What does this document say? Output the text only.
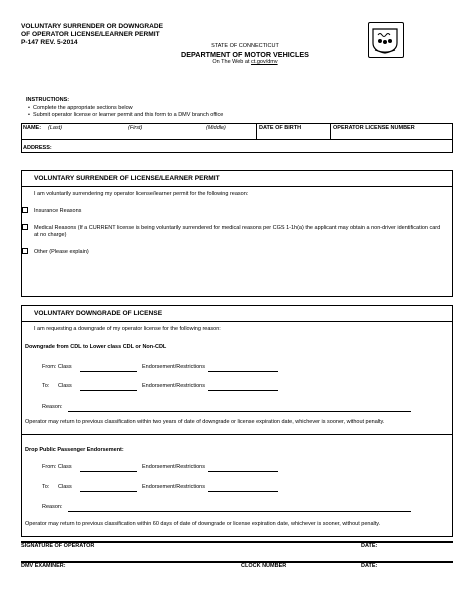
VOLUNTARY SURRENDER OR DOWNGRADE
OF OPERATOR LICENSE/LEARNER PERMIT
P-147 REV. 5-2014	STATE OF CONNECTICUT
DEPARTMENT OF MOTOR VEHICLES
On The Web at ct.gov/dmv
INSTRUCTIONS:
•  Complete the appropriate sections below
•  Submit operator license or learner permit and this form to a DMV branch office
NAME: (Last)	(First)	(Middle)	DATE OF BIRTH	OPERATOR LICENSE NUMBER
ADDRESS:
VOLUNTARY SURRENDER OF LICENSE/LEARNER PERMIT
I am voluntarily surrendering my operator license/learner permit for the following reason:
Insurance Reasons
Medical Reasons (If a CURRENT license is being voluntarily surrendered for medical reasons per CGS 1-1h(a) the applicant may obtain a non-driver identification card at no charge)
Other (Please explain)
VOLUNTARY DOWNGRADE OF LICENSE
I am requesting a downgrade of my operator license for the following reason:
Downgrade from CDL to Lower class CDL or Non-CDL
From: Class	Endorsement/Restrictions
To: Class	Endorsement/Restrictions
Reason:
Operator may return to previous classification within two years of date of downgrade or license expiration date, whichever is sooner, without penalty.
Drop Public Passenger Endorsement:
From: Class	Endorsement/Restrictions
To: Class	Endorsement/Restrictions
Reason:
Operator may return to previous classification within 60 days of date of downgrade or license expiration date, whichever is sooner, without penalty.
SIGNATURE OF OPERATOR	DATE:
DMV EXAMINER:	CLOCK NUMBER	DATE:
